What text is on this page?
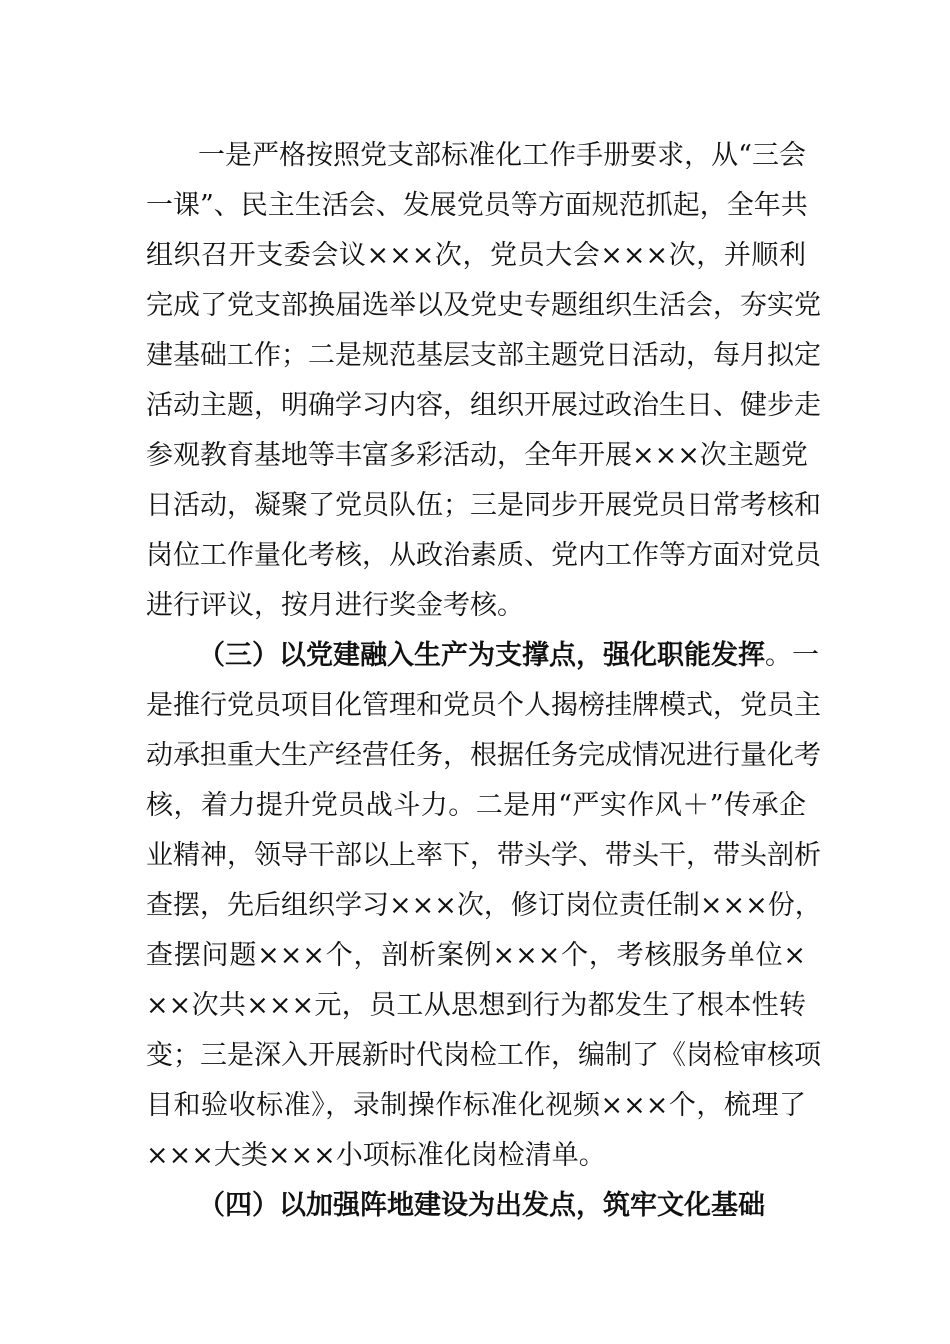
一是严格按照党支部标准化工作手册要求，从“三会
一课”、民主生活会、发展党员等方面规范抓起，全年共
组织召开支委会议×××次，党员大会×××次，并顺利
完成了党支部换届选举以及党史专题组织生活会，夯实党
建基础工作；二是规范基层支部主题党日活动，每月拟定
活动主题，明确学习内容，组织开展过政治生日、健步走
参观教育基地等丰富多彩活动，全年开展×××次主题党
日活动，凝聚了党员队伍；三是同步开展党员日常考核和
岗位工作量化考核，从政治素质、党内工作等方面对党员
进行评议，按月进行奖金考核。
（三）以党建融入生产为支撑点，强化职能发挥。一
是推行党员项目化管理和党员个人揭榜挂牌模式，党员主
动承担重大生产经营任务，根据任务完成情况进行量化考
核，着力提升党员战斗力。二是用“严实作风＋”传承企
业精神，领导干部以上率下，带头学、带头干，带头剖析
查摆，先后组织学习×××次，修订岗位责任制×××份，
查摆问题×××个，剖析案例×××个，考核服务单位×
××次共×××元，员工从思想到行为都发生了根本性转
变；三是深入开展新时代岗检工作，编制了《岗检审核项
目和验收标准》，录制操作标准化视频×××个，梳理了
×××大类×××小项标准化岗检清单。
（四）以加强阵地建设为出发点，筑牢文化基础
